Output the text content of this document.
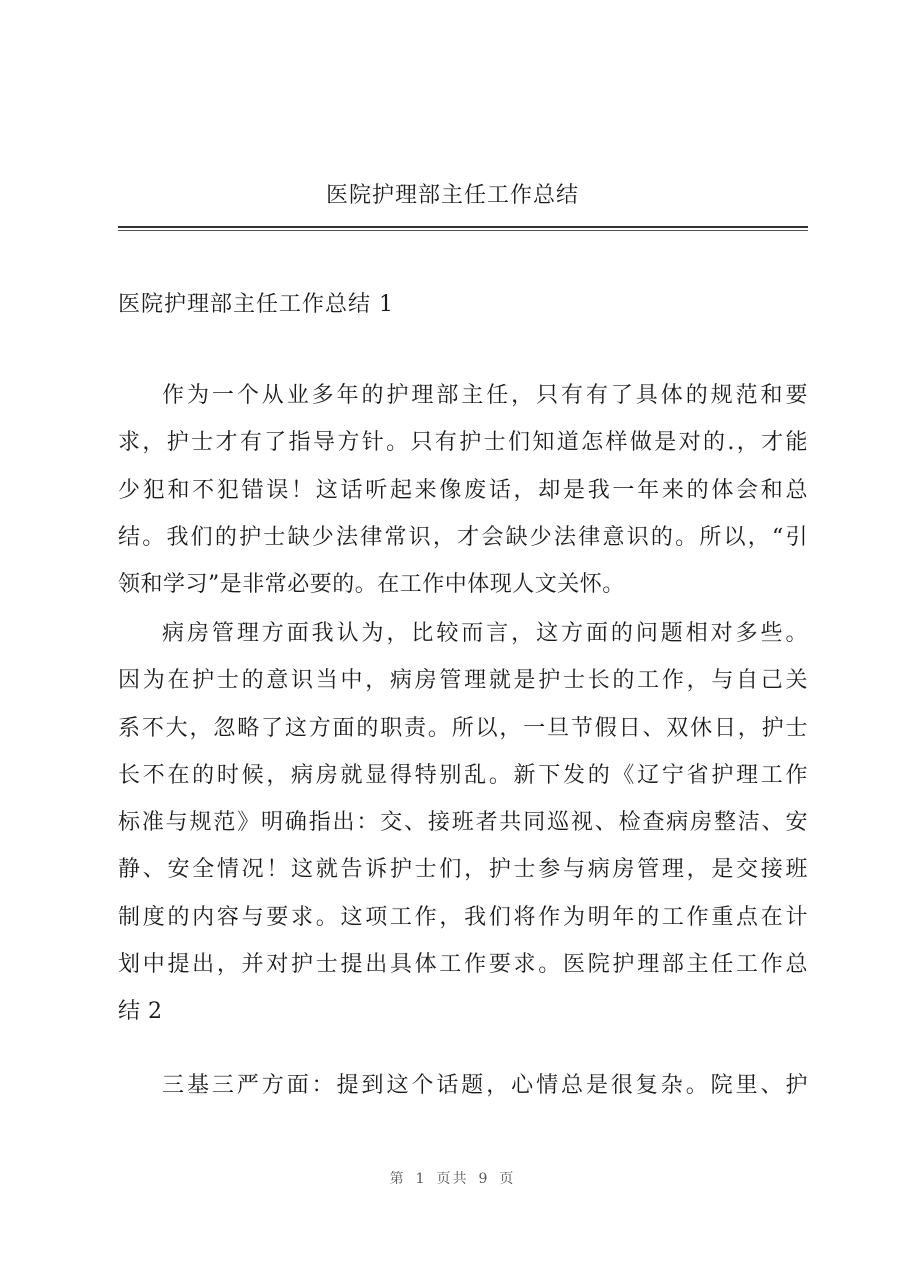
医院护理部主任工作总结
医院护理部主任工作总结 1
作为一个从业多年的护理部主任，只有有了具体的规范和要
求，护士才有了指导方针。只有护士们知道怎样做是对的.，才能
少犯和不犯错误！这话听起来像废话，却是我一年来的体会和总
结。我们的护士缺少法律常识，才会缺少法律意识的。所以，“引
领和学习”是非常必要的。在工作中体现人文关怀。
病房管理方面我认为，比较而言，这方面的问题相对多些。
因为在护士的意识当中，病房管理就是护士长的工作，与自己关
系不大，忽略了这方面的职责。所以，一旦节假日、双休日，护士
长不在的时候，病房就显得特别乱。新下发的《辽宁省护理工作
标准与规范》明确指出：交、接班者共同巡视、检查病房整洁、安
静、安全情况！这就告诉护士们，护士参与病房管理，是交接班
制度的内容与要求。这项工作，我们将作为明年的工作重点在计
划中提出，并对护士提出具体工作要求。医院护理部主任工作总
结 2
三基三严方面：提到这个话题，心情总是很复杂。院里、护
第 1 页共 9 页
